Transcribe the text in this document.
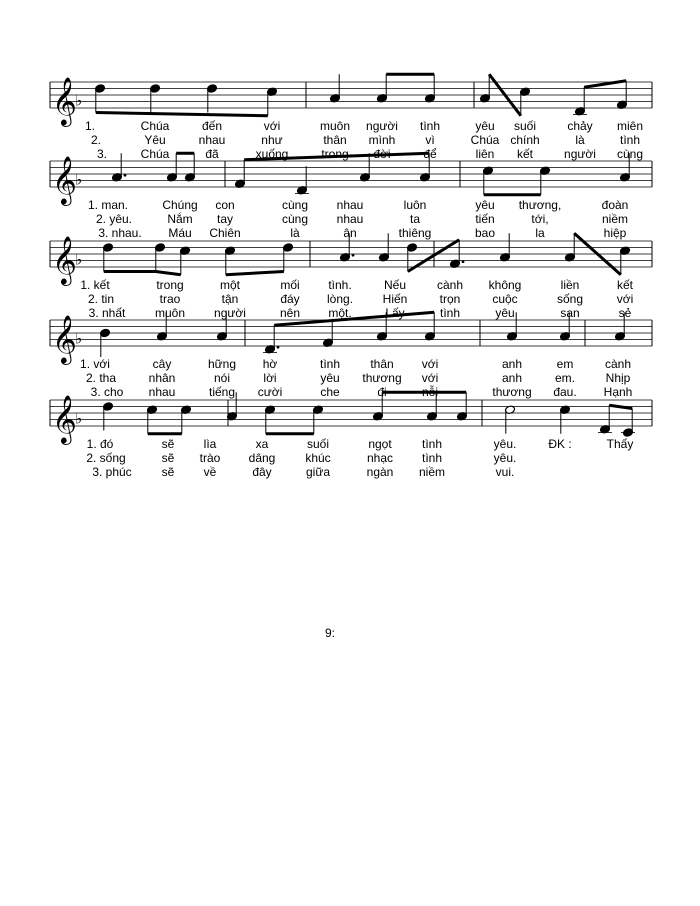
𝄞
♭
𝄞
♭
𝄞
♭
𝄞
♭
𝄞
♭
1.	Chúa	đến	với	muôn người tình	yêu suối	chảy miên
2.	Yêu	nhau	như	thân mình vì	Chúa chính	là	tình
3.	Chúa	đã	xuống	trong đời	để	liên kết	người cùng
1. man.	Chúng con	cùng nhau	luôn	yêu thương,	đoàn
2. yêu.	Nắm tay	cùng nhau	ta	tiến	tới,	niềm
3. nhau. Máu Chiên	là	ân	thiêng	bao	la	hiệp
1. kết	trong	một	mối tình.	Nếu	cành không	liền	kết
2. tin	trao	tận	đáy lòng. Hiến	trọn	cuộc	sống	với
3. nhất muôn người	nên một.	Lấy	tình	yêu	san	sẻ
1. với	cây	hững hờ	tình	thân với	anh	em	cành
2. tha	nhân	nói	lời	yêu thương với	anh	em.	Nhịp
3. cho nhau	tiếng cười	che	đi	nỗi	thương đau. Hạnh
1. đó	sẽ lìa	xa	suối	ngọt	tình	yêu.	ĐK :	Thấy
2. sống	sẽ trào dâng khúc	nhạc tình	yêu.
3. phúc sẽ về	đây	giữa	ngàn niềm	vui.
9:
